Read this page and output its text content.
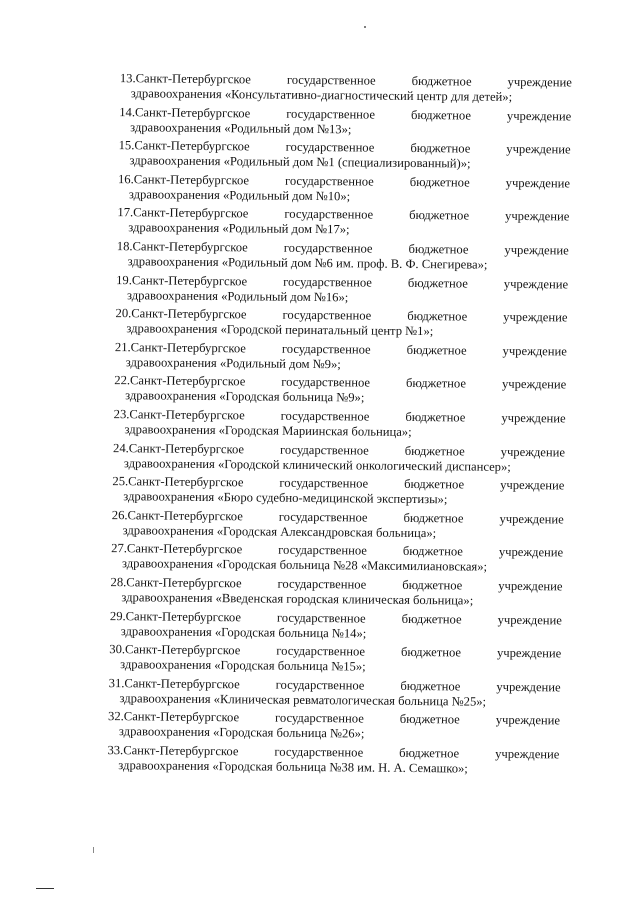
13.Санкт-Петербургское	государственное	бюджетное	учреждение
здравоохранения «Консультативно-диагностический центр для детей»;
14.Санкт-Петербургское	государственное	бюджетное	учреждение
здравоохранения «Родильный дом №13»;
15.Санкт-Петербургское	государственное	бюджетное	учреждение
здравоохранения «Родильный дом №1 (специализированный)»;
16.Санкт-Петербургское	государственное	бюджетное	учреждение
здравоохранения «Родильный дом №10»;
17.Санкт-Петербургское	государственное	бюджетное	учреждение
здравоохранения «Родильный дом №17»;
18.Санкт-Петербургское	государственное	бюджетное	учреждение
здравоохранения «Родильный дом №6 им. проф. В. Ф. Снегирева»;
19.Санкт-Петербургское	государственное	бюджетное	учреждение
здравоохранения «Родильный дом №16»;
20.Санкт-Петербургское	государственное	бюджетное	учреждение
здравоохранения «Городской перинатальный центр №1»;
21.Санкт-Петербургское	государственное	бюджетное	учреждение
здравоохранения «Родильный дом №9»;
22.Санкт-Петербургское	государственное	бюджетное	учреждение
здравоохранения «Городская больница №9»;
23.Санкт-Петербургское	государственное	бюджетное	учреждение
здравоохранения «Городская Мариинская больница»;
24.Санкт-Петербургское	государственное	бюджетное	учреждение
здравоохранения «Городской клинический онкологический диспансер»;
25.Санкт-Петербургское	государственное	бюджетное	учреждение
здравоохранения «Бюро судебно-медицинской экспертизы»;
26.Санкт-Петербургское	государственное	бюджетное	учреждение
здравоохранения «Городская Александровская больница»;
27.Санкт-Петербургское	государственное	бюджетное	учреждение
здравоохранения «Городская больница №28 «Максимилиановская»;
28.Санкт-Петербургское	государственное	бюджетное	учреждение
здравоохранения «Введенская городская клиническая больница»;
29.Санкт-Петербургское	государственное	бюджетное	учреждение
здравоохранения «Городская больница №14»;
30.Санкт-Петербургское	государственное	бюджетное	учреждение
здравоохранения «Городская больница №15»;
31.Санкт-Петербургское	государственное	бюджетное	учреждение
здравоохранения «Клиническая ревматологическая больница №25»;
32.Санкт-Петербургское	государственное	бюджетное	учреждение
здравоохранения «Городская больница №26»;
33.Санкт-Петербургское	государственное	бюджетное	учреждение
здравоохранения «Городская больница №38 им. Н. А. Семашко»;
